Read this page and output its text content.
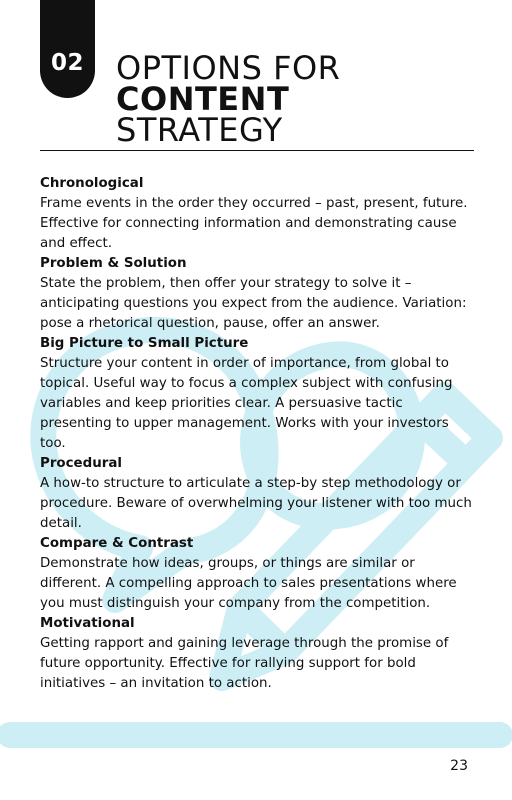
02	OPTIONS FOR
CONTENT
STRATEGY
Chronological
Frame events in the order they occurred – past, present, future. Effective for connecting information and demonstrating cause and effect.
Problem & Solution
State the problem, then offer your strategy to solve it – anticipating questions you expect from the audience. Variation: pose a rhetorical question, pause, offer an answer.
Big Picture to Small Picture
Structure your content in order of importance, from global to topical. Useful way to focus a complex subject with confusing variables and keep priorities clear. A persuasive tactic presenting to upper management. Works with your investors too.
Procedural
A how-to structure to articulate a step-by step methodology or procedure. Beware of overwhelming your listener with too much detail.
Compare & Contrast
Demonstrate how ideas, groups, or things are similar or different. A compelling approach to sales presentations where you must distinguish your company from the competition.
Motivational
Getting rapport and gaining leverage through the promise of future opportunity. Effective for rallying support for bold initiatives – an invitation to action.
23
